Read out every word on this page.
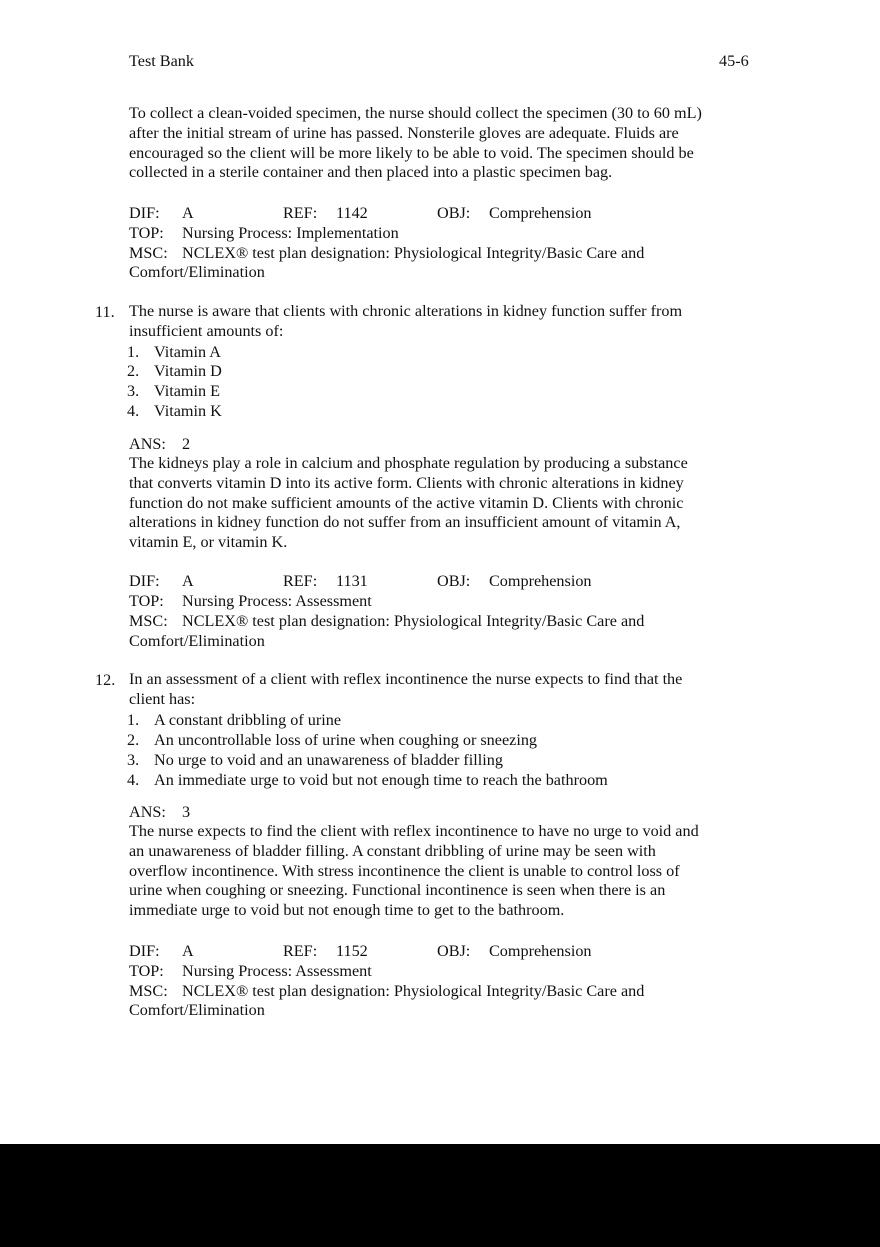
Test Bank	45-6
To collect a clean-voided specimen, the nurse should collect the specimen (30 to 60 mL)
after the initial stream of urine has passed. Nonsterile gloves are adequate. Fluids are
encouraged so the client will be more likely to be able to void. The specimen should be
collected in a sterile container and then placed into a plastic specimen bag.
DIF: A	REF: 1142	OBJ: Comprehension
TOP: Nursing Process: Implementation
MSC: NCLEX® test plan designation: Physiological Integrity/Basic Care and
Comfort/Elimination
11. The nurse is aware that clients with chronic alterations in kidney function suffer from
insufficient amounts of:
1. Vitamin A
2. Vitamin D
3. Vitamin E
4. Vitamin K
ANS: 2
The kidneys play a role in calcium and phosphate regulation by producing a substance
that converts vitamin D into its active form. Clients with chronic alterations in kidney
function do not make sufficient amounts of the active vitamin D. Clients with chronic
alterations in kidney function do not suffer from an insufficient amount of vitamin A,
vitamin E, or vitamin K.
DIF: A	REF: 1131	OBJ: Comprehension
TOP: Nursing Process: Assessment
MSC: NCLEX® test plan designation: Physiological Integrity/Basic Care and
Comfort/Elimination
12. In an assessment of a client with reflex incontinence the nurse expects to find that the
client has:
1. A constant dribbling of urine
2. An uncontrollable loss of urine when coughing or sneezing
3. No urge to void and an unawareness of bladder filling
4. An immediate urge to void but not enough time to reach the bathroom
ANS: 3
The nurse expects to find the client with reflex incontinence to have no urge to void and
an unawareness of bladder filling. A constant dribbling of urine may be seen with
overflow incontinence. With stress incontinence the client is unable to control loss of
urine when coughing or sneezing. Functional incontinence is seen when there is an
immediate urge to void but not enough time to get to the bathroom.
DIF: A	REF: 1152	OBJ: Comprehension
TOP: Nursing Process: Assessment
MSC: NCLEX® test plan designation: Physiological Integrity/Basic Care and
Comfort/Elimination
